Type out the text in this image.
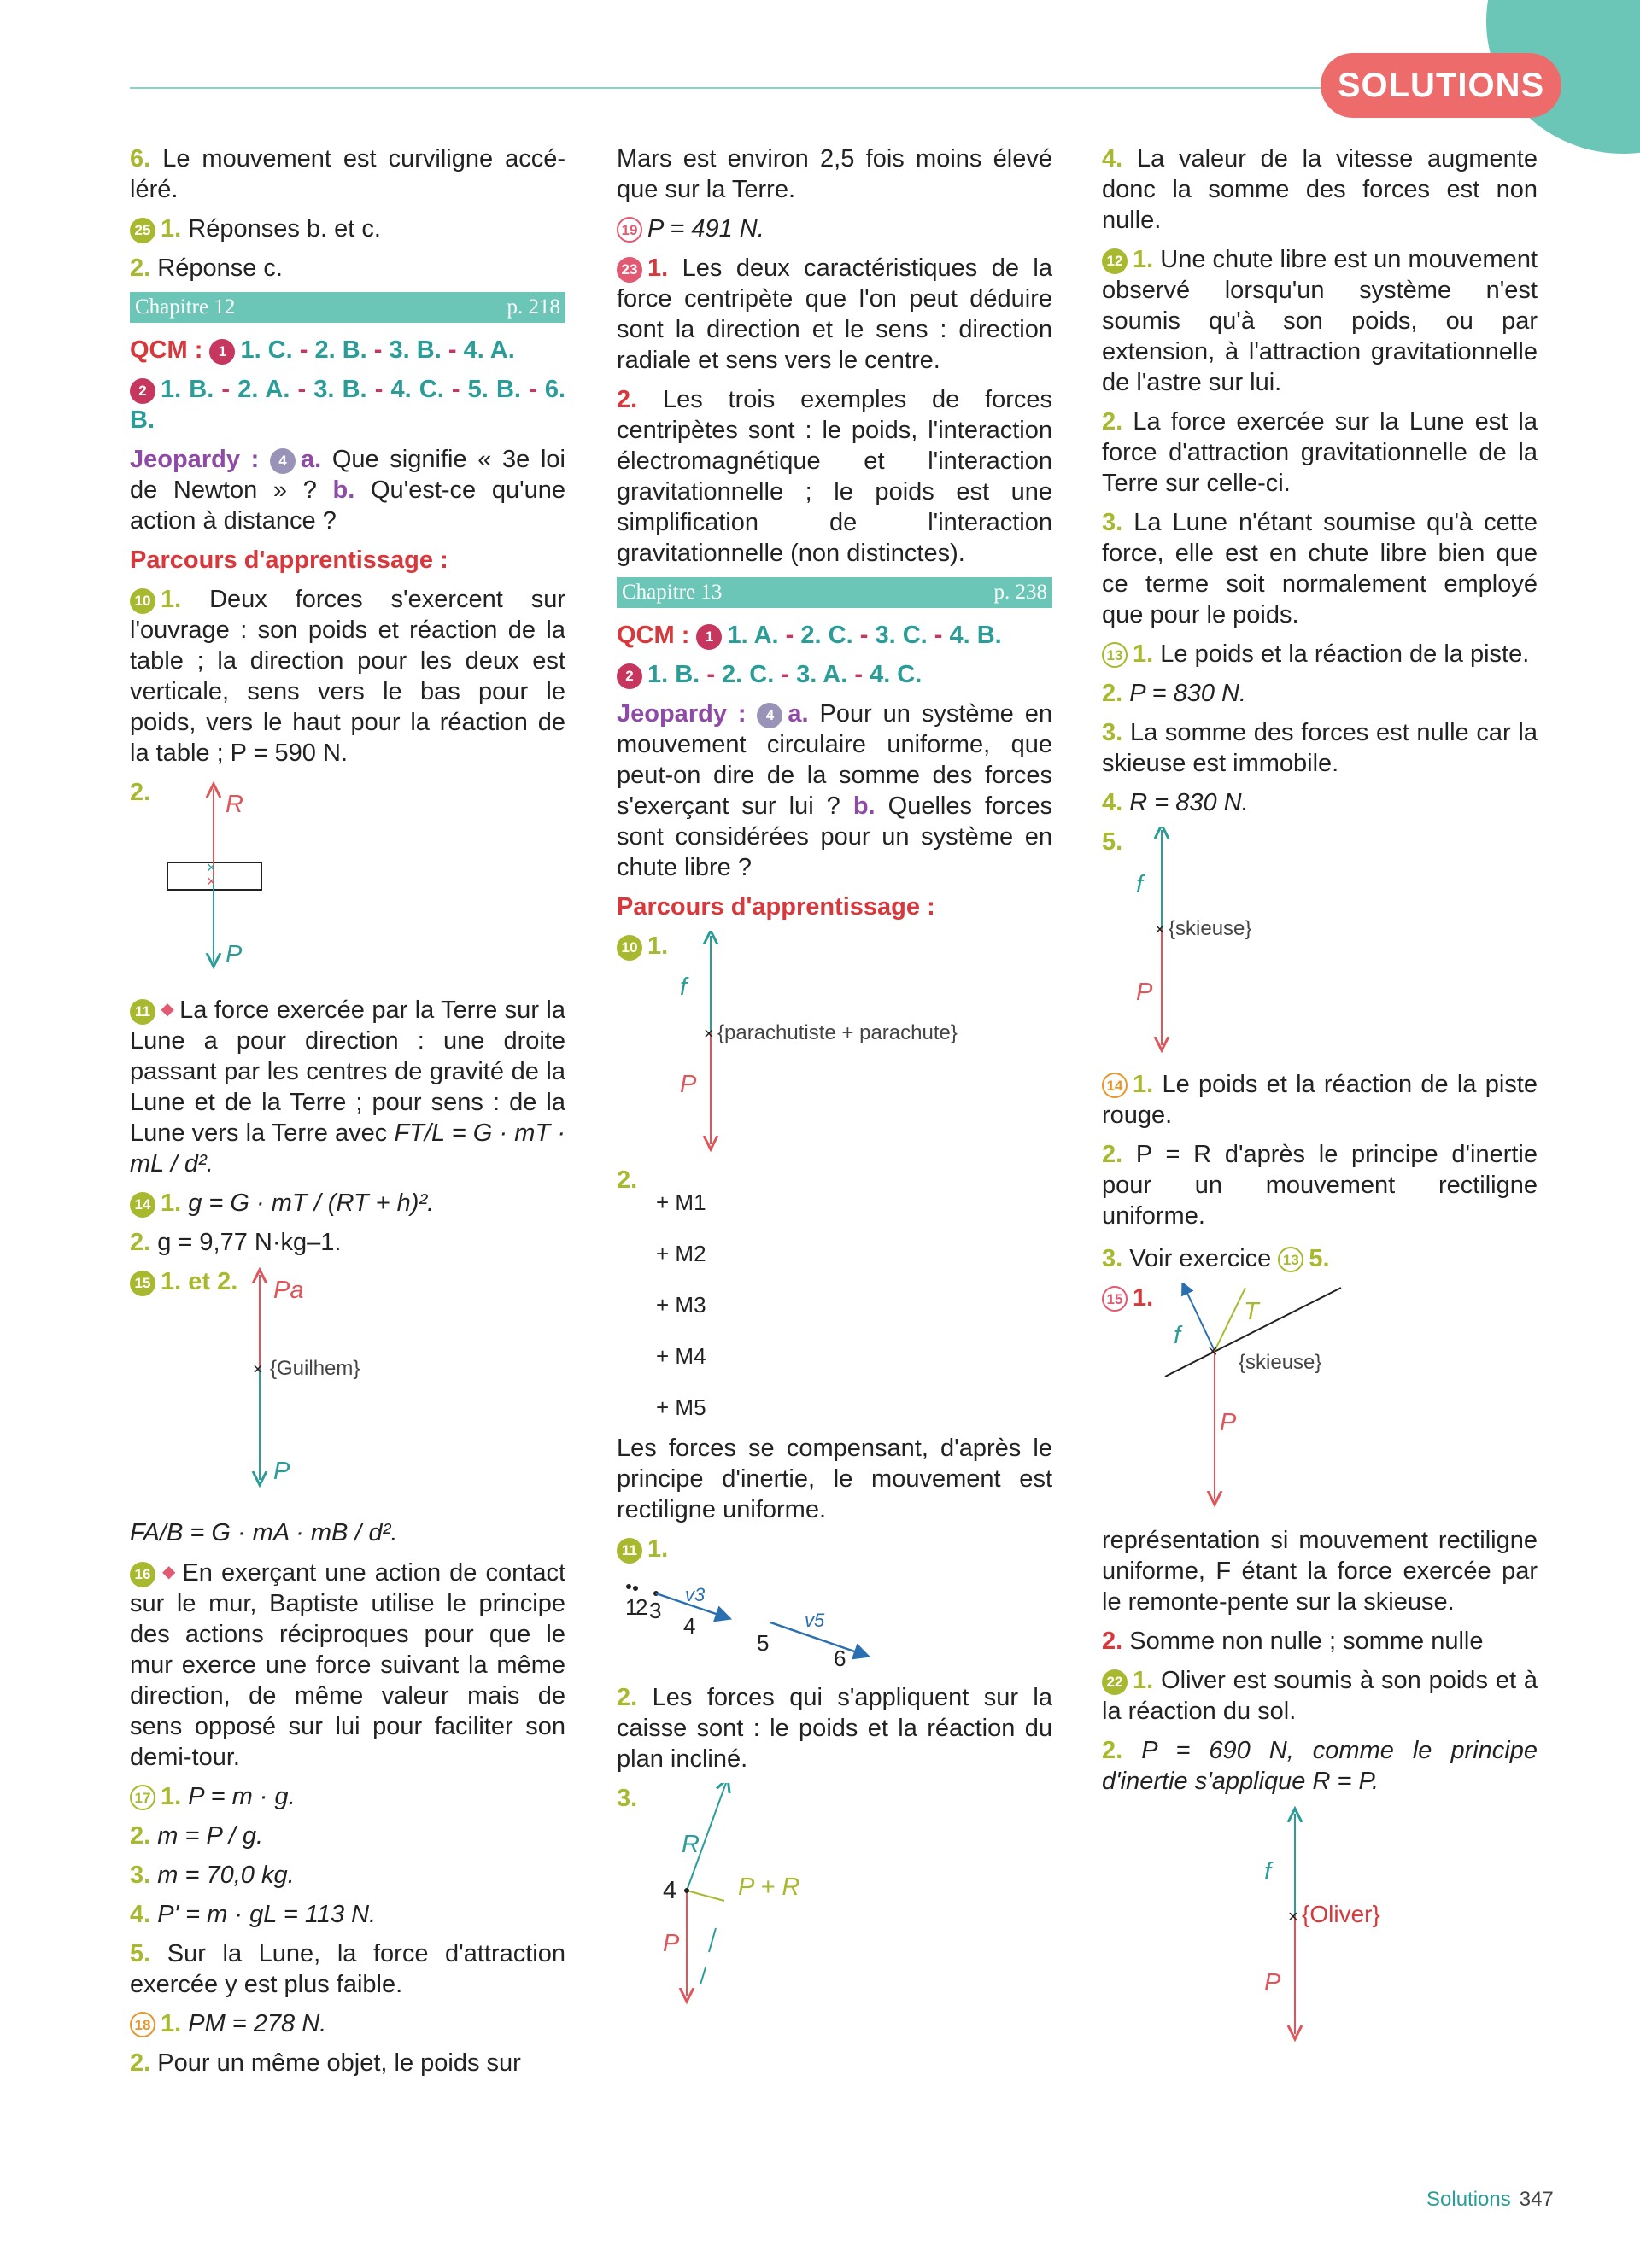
SOLUTIONS

6. Le mouvement est curviligne accé-léré.

25 1. Réponses b. et c.

2. Réponse c.

Chapitre 12	p. 218

QCM : 1 1. C. - 2. B. - 3. B. - 4. A.

2 1. B. - 2. A. - 3. B. - 4. C. - 5. B. - 6. B.

Jeopardy : 4 a. Que signifie « 3e loi de Newton » ? b. Qu'est-ce qu'une action à distance ?

Parcours d'apprentissage :

10 1. Deux forces s'exercent sur l'ouvrage : son poids et réaction de la table ; la direction pour les deux est verticale, sens vers le bas pour le poids, vers le haut pour la réaction de la table ; P = 590 N.

2.
×
×
R
P

11 ◆ La force exercée par la Terre sur la Lune a pour direction : une droite passant par les centres de gravité de la Lune et de la Terre ; pour sens : de la Lune vers la Terre avec FT/L = G · mT · mL / d².

14 1. g = G · mT / (RT + h)².

2. g = 9,77 N·kg–1.

15 1. et 2.
×
Pa
{Guilhem}
P

FA/B = G · mA · mB / d².

16 ◆ En exerçant une action de contact sur le mur, Baptiste utilise le principe des actions réciproques pour que le mur exerce une force suivant la même direction, de même valeur mais de sens opposé sur lui pour faciliter son demi-tour.

17 1. P = m · g.

2. m = P / g.

3. m = 70,0 kg.

4. P' = m · gL = 113 N.

5. Sur la Lune, la force d'attraction exercée y est plus faible.

18 1. PM = 278 N.

2. Pour un même objet, le poids sur

Mars est environ 2,5 fois moins élevé que sur la Terre.

19 P = 491 N.

23 1. Les deux caractéristiques de la force centripète que l'on peut déduire sont la direction et le sens : direction radiale et sens vers le centre.

2. Les trois exemples de forces centripètes sont : le poids, l'interaction électromagnétique et l'interaction gravitationnelle ; le poids est une simplification de l'interaction gravitationnelle (non distinctes).

Chapitre 13	p. 238

QCM : 1 1. A. - 2. C. - 3. C. - 4. B.

2 1. B. - 2. C. - 3. A. - 4. C.

Jeopardy : 4 a. Pour un système en mouvement circulaire uniforme, que peut-on dire de la somme des forces s'exerçant sur lui ? b. Quelles forces sont considérées pour un système en chute libre ?

Parcours d'apprentissage :

10 1.
×
f
{parachutiste + parachute}
P
2.
+ M1
+ M2
+ M3
+ M4
+ M5

Les forces se compensant, d'après le principe d'inertie, le mouvement est rectiligne uniforme.

11 1.
1
2 3
4
5
6
v3
v5

2. Les forces qui s'appliquent sur la caisse sont : le poids et la réaction du plan incliné.

3.
R
P + R
4
P

4. La valeur de la vitesse augmente donc la somme des forces est non nulle.

12 1. Une chute libre est un mouvement observé lorsqu'un système n'est soumis qu'à son poids, ou par extension, à l'attraction gravitationnelle de l'astre sur lui.

2. La force exercée sur la Lune est la force d'attraction gravitationnelle de la Terre sur celle-ci.

3. La Lune n'étant soumise qu'à cette force, elle est en chute libre bien que ce terme soit normalement employé que pour le poids.

13 1. Le poids et la réaction de la piste.

2. P = 830 N.

3. La somme des forces est nulle car la skieuse est immobile.

4. R = 830 N.

5.
×
f
{skieuse}
P

14 1. Le poids et la réaction de la piste rouge.

2. P = R d'après le principe d'inertie pour un mouvement rectiligne uniforme.

3. Voir exercice 13 5.

15 1.
×
f
T
{skieuse}
P

représentation si mouvement rectiligne uniforme, F étant la force exercée par le remonte-pente sur la skieuse.

2. Somme non nulle ; somme nulle

22 1. Oliver est soumis à son poids et à la réaction du sol.

2. P = 690 N, comme le principe d'inertie s'applique R = P.

×
f
{Oliver}
P
Solutions 347
